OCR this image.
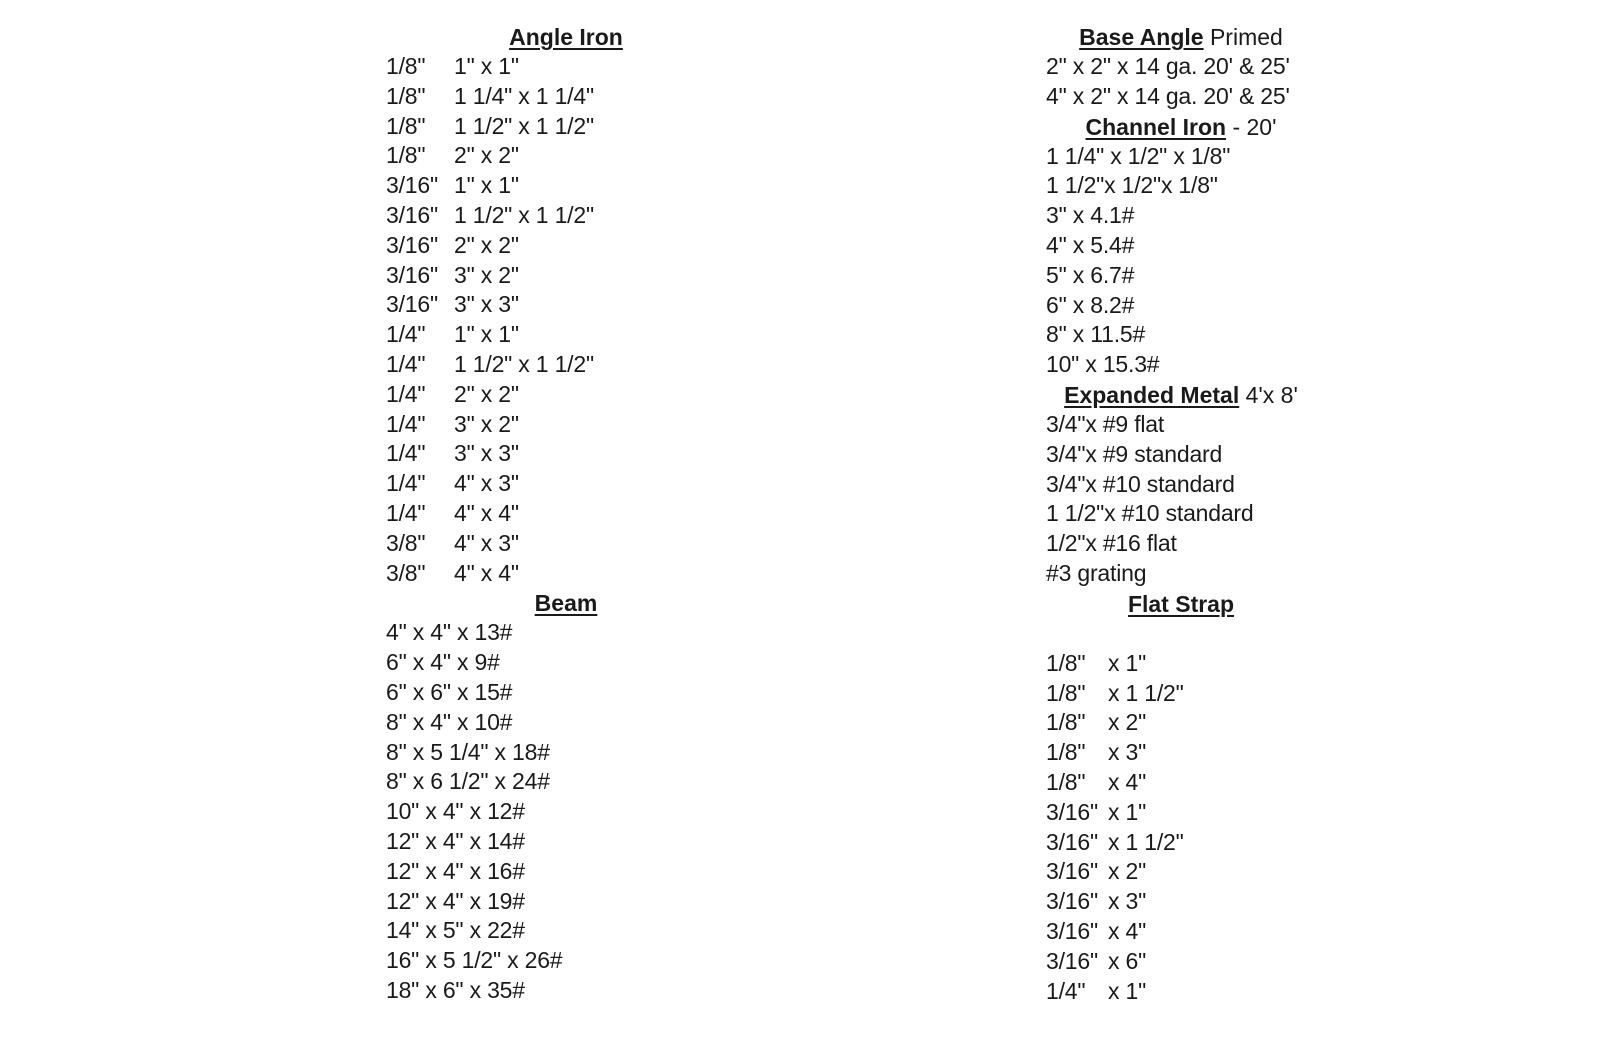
Angle Iron
1/8" 1" x 1"
1/8" 1 1/4" x 1 1/4"
1/8" 1 1/2" x 1 1/2"
1/8" 2" x 2"
3/16" 1" x 1"
3/16" 1 1/2" x 1 1/2"
3/16" 2" x 2"
3/16" 3" x 2"
3/16" 3" x 3"
1/4" 1" x 1"
1/4" 1 1/2" x 1 1/2"
1/4" 2" x 2"
1/4" 3" x 2"
1/4" 3" x 3"
1/4" 4" x 3"
1/4" 4" x 4"
3/8" 4" x 3"
3/8" 4" x 4"
Beam
4" x 4" x 13#
6" x 4" x 9#
6" x 6" x 15#
8" x 4" x 10#
8" x 5 1/4" x 18#
8" x 6 1/2" x 24#
10" x 4" x 12#
12" x 4" x 14#
12" x 4" x 16#
12" x 4" x 19#
14" x 5" x 22#
16" x 5 1/2" x 26#
18" x 6" x 35#
Base Angle Primed
2" x 2" x 14 ga. 20' & 25'
4" x 2" x 14 ga. 20' & 25'
Channel Iron - 20'
1 1/4" x 1/2" x 1/8"
1 1/2"x 1/2"x 1/8"
3" x 4.1#
4" x 5.4#
5" x 6.7#
6" x 8.2#
8" x 11.5#
10" x 15.3#
Expanded Metal 4'x 8'
3/4"x #9 flat
3/4"x #9 standard
3/4"x #10 standard
1 1/2"x #10 standard
1/2"x #16 flat
#3 grating
Flat Strap
1/8" x 1"
1/8" x 1 1/2"
1/8" x 2"
1/8" x 3"
1/8" x 4"
3/16" x 1"
3/16" x 1 1/2"
3/16" x 2"
3/16" x 3"
3/16" x 4"
3/16" x 6"
1/4" x 1"
